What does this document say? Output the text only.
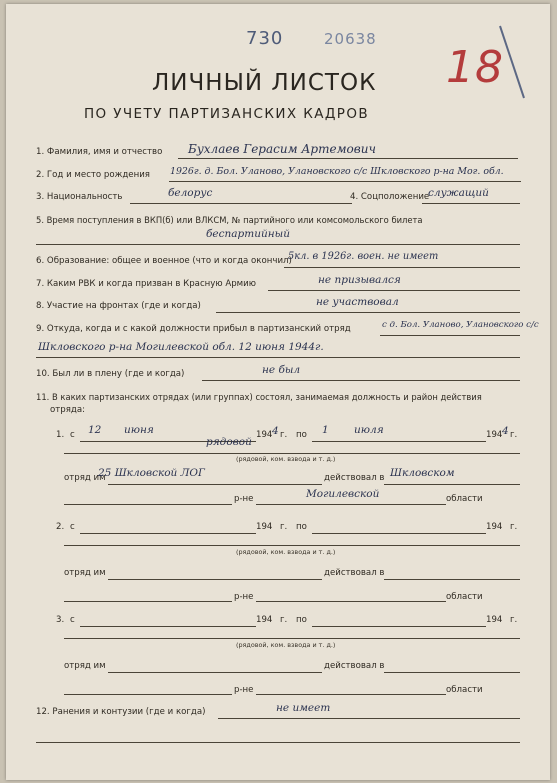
730	20638
18
ЛИЧНЫЙ ЛИСТОК
ПО УЧЕТУ ПАРТИЗАНСКИХ КАДРОВ
1. Фамилия, имя и отчество Бухлаев Герасим Артемович
2. Год и место рождения 1926г. д. Бол. Уланово, Улановского с/с Шкловского р-на Мог. обл.
3. Национальность	белорус	4. Соцположение
служащий
5. Время поступления в ВКП(б) или ВЛКСМ, № партийного или комсомольского билета
беспартийный
6. Образование: общее и военное (что и когда окончил)
5кл. в 1926г. воен. не имеет
7. Каким РВК и когда призван в Красную Армию	не призывался
8. Участие на фронтах (где и когда)	не участвовал
9. Откуда, когда и с какой должности прибыл в партизанский отряд	с д. Бол. Уланово, Улановского с/с
Шкловского р-на Могилевской обл. 12 июня 1944г.
10. Был ли в плену (где и когда)	не был
11. В каких партизанских отрядах (или группах) состоял, занимаемая должность и район действия
отряда:
1. с 12 июня	194 4 г. по 1 июля	194 4 г.
рядовой
(рядовой, ком. взвода и т. д.)
отряд им
25 Шкловской ЛОГ	действовал в Шкловском
р-не	Могилевской	области
2. с	194 г. по	194 г.
(рядовой, ком. взвода и т. д.)
отряд им	действовал в
р-не	области
3. с	194 г. по	194 г.
(рядовой, ком. взвода и т. д.)
отряд им	действовал в
р-не	области
12. Ранения и контузии (где и когда)	не имеет
